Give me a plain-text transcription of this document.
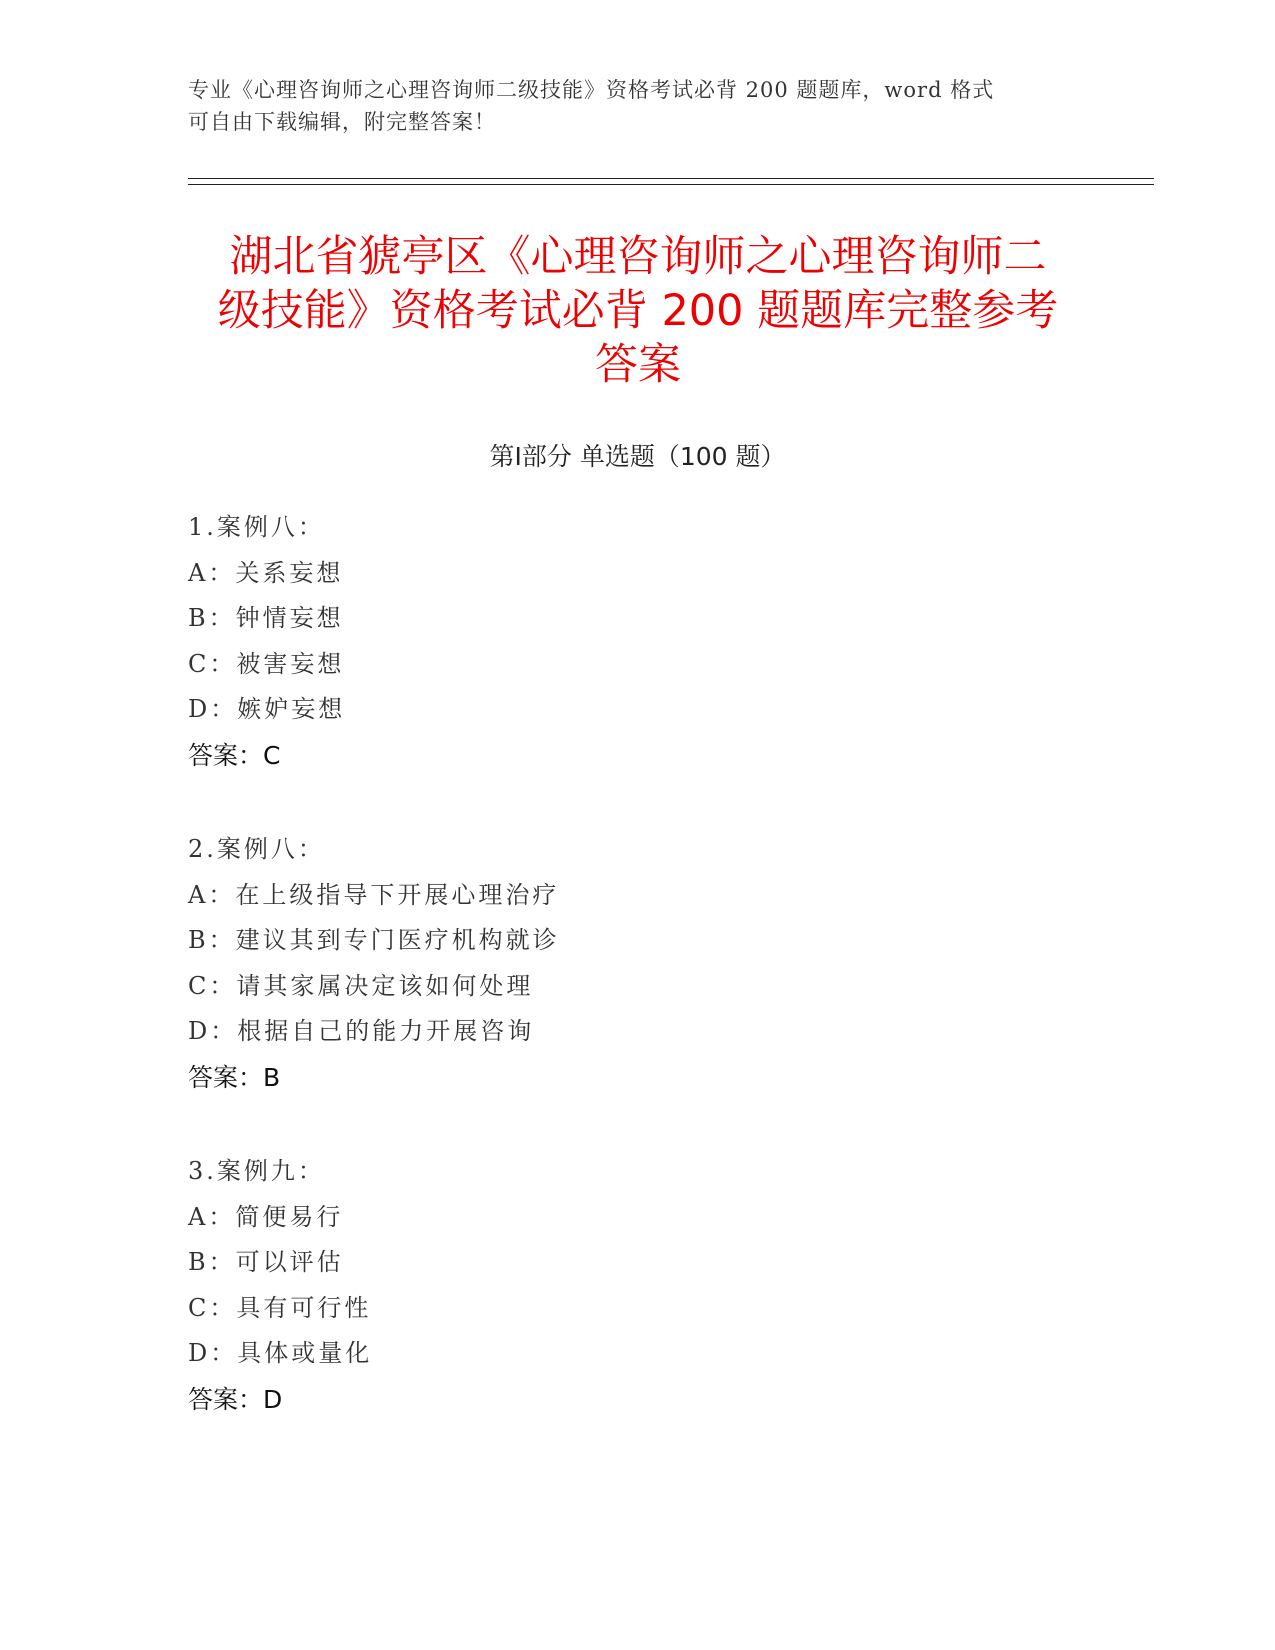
专业《心理咨询师之心理咨询师二级技能》资格考试必背 200 题题库，word 格式
可自由下载编辑，附完整答案！
湖北省猇亭区《心理咨询师之心理咨询师二
级技能》资格考试必背 200 题题库完整参考
答案
第Ⅰ部分 单选题（100 题）
1.案例八：
A：关系妄想
B：钟情妄想
C：被害妄想
D：嫉妒妄想
答案：C
2.案例八：
A：在上级指导下开展心理治疗
B：建议其到专门医疗机构就诊
C：请其家属决定该如何处理
D：根据自己的能力开展咨询
答案：B
3.案例九：
A：简便易行
B：可以评估
C：具有可行性
D：具体或量化
答案：D
